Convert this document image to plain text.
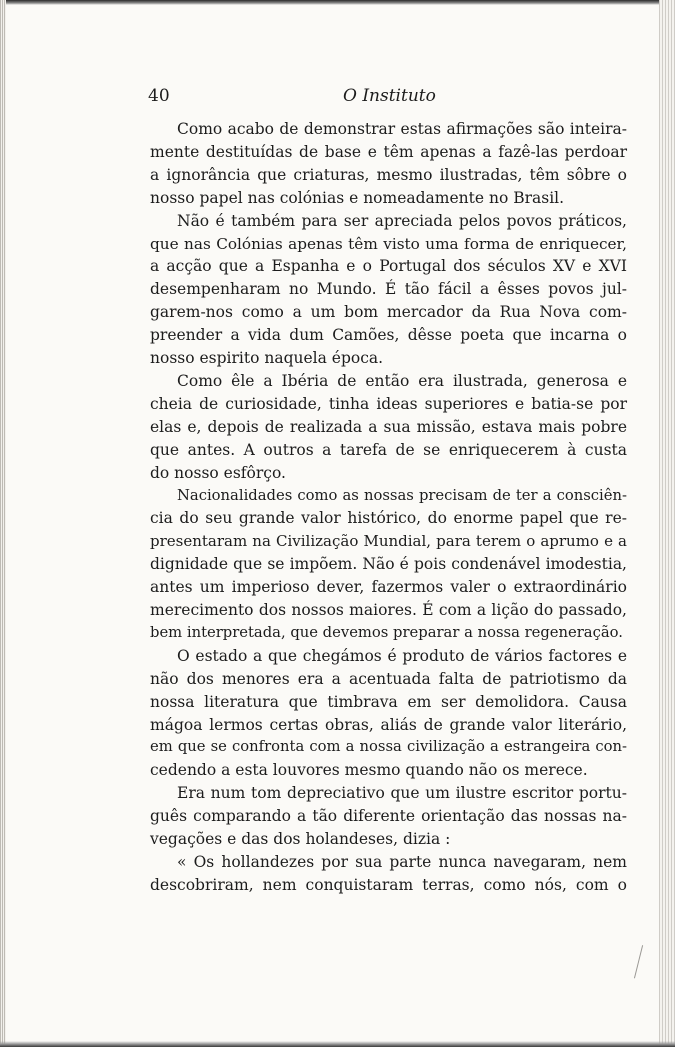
40	O Instituto

Como acabo de demonstrar estas afirmações são inteira-
mente destituídas de base e têm apenas a fazê-las perdoar
a ignorância que criaturas, mesmo ilustradas, têm sôbre o
nosso papel nas colónias e nomeadamente no Brasil.

Não é também para ser apreciada pelos povos práticos,
que nas Colónias apenas têm visto uma forma de enriquecer,
a acção que a Espanha e o Portugal dos séculos XV e XVI
desempenharam no Mundo. É tão fácil a êsses povos jul-
garem-nos como a um bom mercador da Rua Nova com-
preender a vida dum Camões, dêsse poeta que incarna o
nosso espirito naquela época.

Como êle a Ibéria de então era ilustrada, generosa e
cheia de curiosidade, tinha ideas superiores e batia-se por
elas e, depois de realizada a sua missão, estava mais pobre
que antes. A outros a tarefa de se enriquecerem à custa
do nosso esfôrço.

Nacionalidades como as nossas precisam de ter a consciên-
cia do seu grande valor histórico, do enorme papel que re-
presentaram na Civilização Mundial, para terem o aprumo e a
dignidade que se impõem. Não é pois condenável imodestia,
antes um imperioso dever, fazermos valer o extraordinário
merecimento dos nossos maiores. É com a lição do passado,
bem interpretada, que devemos preparar a nossa regeneração.

O estado a que chegámos é produto de vários factores e
não dos menores era a acentuada falta de patriotismo da
nossa literatura que timbrava em ser demolidora. Causa
mágoa lermos certas obras, aliás de grande valor literário,
em que se confronta com a nossa civilização a estrangeira con-
cedendo a esta louvores mesmo quando não os merece.

Era num tom depreciativo que um ilustre escritor portu-
guês comparando a tão diferente orientação das nossas na-
vegações e das dos holandeses, dizia :

« Os hollandezes por sua parte nunca navegaram, nem
descobriram, nem conquistaram terras, como nós, com o
